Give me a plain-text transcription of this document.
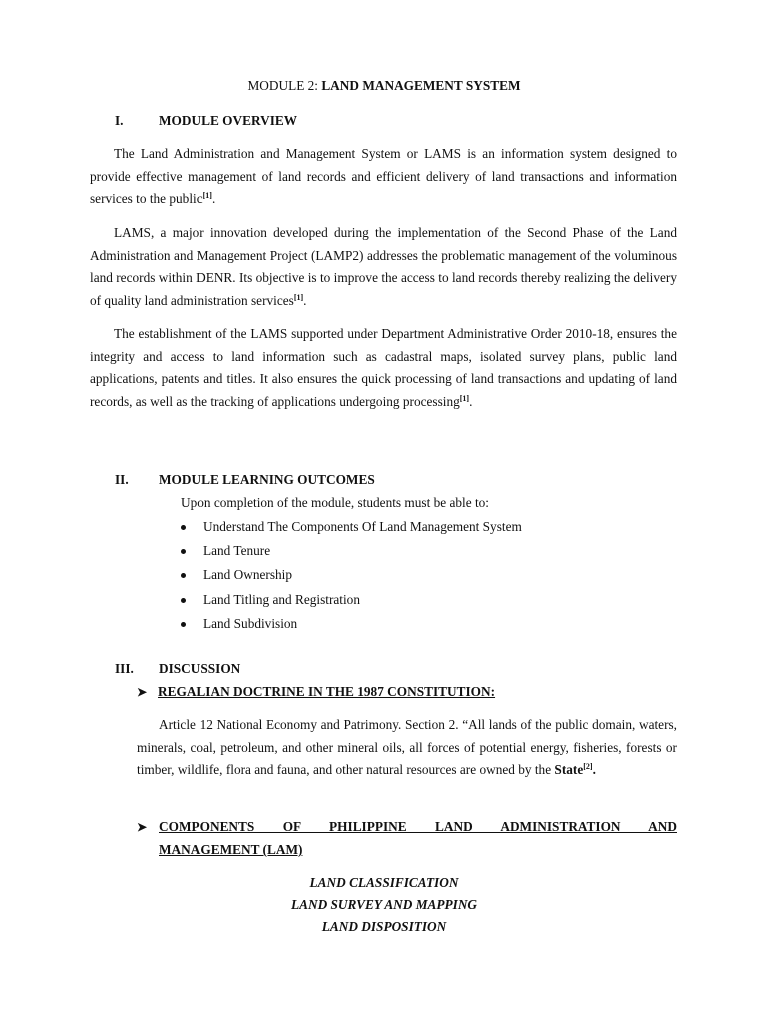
MODULE 2: LAND MANAGEMENT SYSTEM
I.	MODULE OVERVIEW
The Land Administration and Management System or LAMS is an information system designed to provide effective management of land records and efficient delivery of land transactions and information services to the public[1].
LAMS, a major innovation developed during the implementation of the Second Phase of the Land Administration and Management Project (LAMP2) addresses the problematic management of the voluminous land records within DENR. Its objective is to improve the access to land records thereby realizing the delivery of quality land administration services[1].
The establishment of the LAMS supported under Department Administrative Order 2010-18, ensures the integrity and access to land information such as cadastral maps, isolated survey plans, public land applications, patents and titles. It also ensures the quick processing of land transactions and updating of land records, as well as the tracking of applications undergoing processing[1].
II. MODULE LEARNING OUTCOMES
Upon completion of the module, students must be able to:
Understand The Components Of Land Management System
Land Tenure
Land Ownership
Land Titling and Registration
Land Subdivision
III. DISCUSSION
➤ REGALIAN DOCTRINE IN THE 1987 CONSTITUTION:
Article 12 National Economy and Patrimony. Section 2. “All lands of the public domain, waters, minerals, coal, petroleum, and other mineral oils, all forces of potential energy, fisheries, forests or timber, wildlife, flora and fauna, and other natural resources are owned by the State[2].
➤ COMPONENTS OF PHILIPPINE LAND ADMINISTRATION AND
MANAGEMENT (LAM)
LAND CLASSIFICATION
LAND SURVEY AND MAPPING
LAND DISPOSITION
